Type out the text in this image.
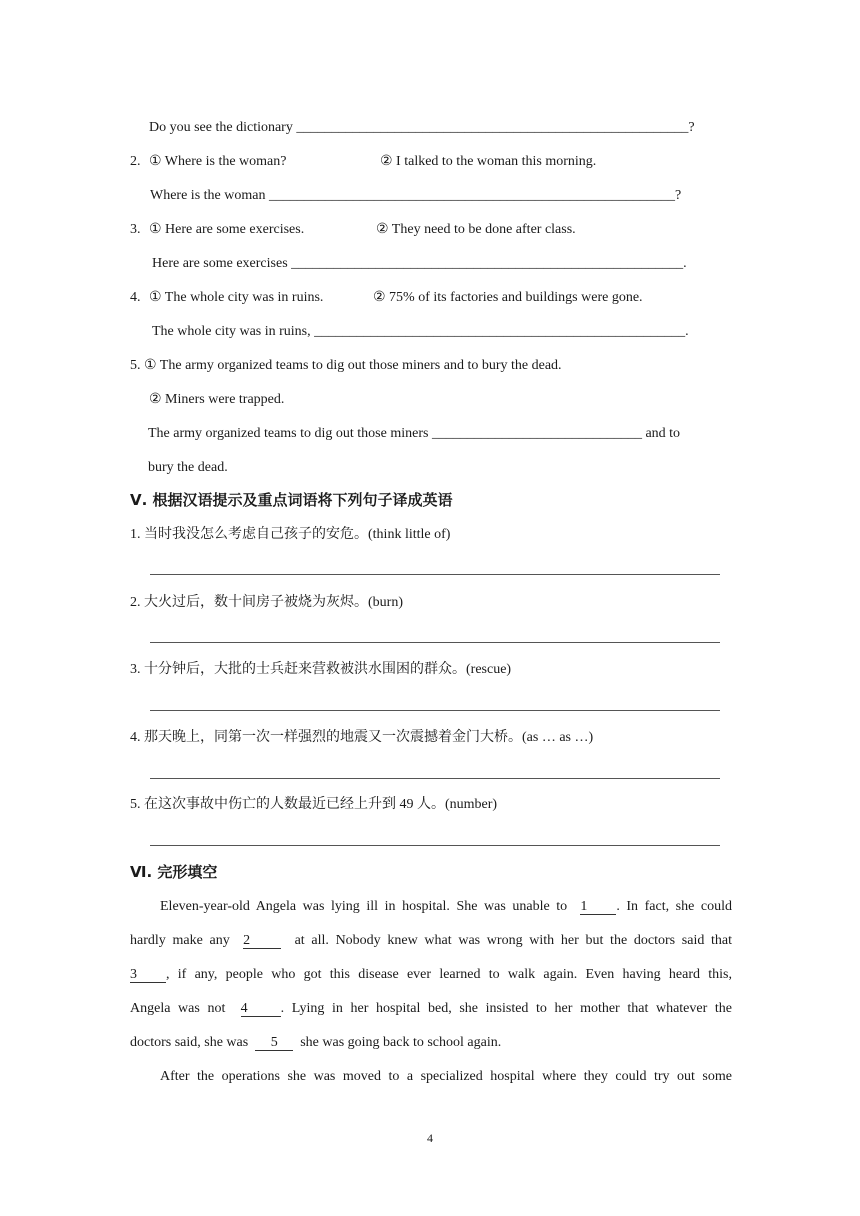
Do you see the dictionary ________________________________________________________?
2. ① Where is the woman?	② I talked to the woman this morning.
Where is the woman __________________________________________________________?
3. ① Here are some exercises.	② They need to be done after class.
Here are some exercises ________________________________________________________.
4. ① The whole city was in ruins.	② 75% of its factories and buildings were gone.
The whole city was in ruins, _____________________________________________________.
5. ① The army organized teams to dig out those miners and to bury the dead.
② Miners were trapped.
The army organized teams to dig out those miners ______________________________ and to
bury the dead.
Ⅴ. 根据汉语提示及重点词语将下列句子译成英语
1. 当时我没怎么考虑自己孩子的安危。(think little of)
2. 大火过后，数十间房子被烧为灰烬。(burn)
3. 十分钟后，大批的士兵赶来营救被洪水围困的群众。(rescue)
4. 那天晚上，同第一次一样强烈的地震又一次震撼着金门大桥。(as … as …)
5. 在这次事故中伤亡的人数最近已经上升到 49 人。(number)
Ⅵ. 完形填空
Eleven-year-old Angela was lying ill in hospital. She was unable to 1 . In fact, she could
hardly make any 2	at all. Nobody knew what was wrong with her but the doctors said that
3 , if any, people who got this disease ever learned to walk again. Even having heard this,
Angela was not 4 . Lying in her hospital bed, she insisted to her mother that whatever the
doctors said, she was 5 she was going back to school again.
After the operations she was moved to a specialized hospital where they could try out some
4
